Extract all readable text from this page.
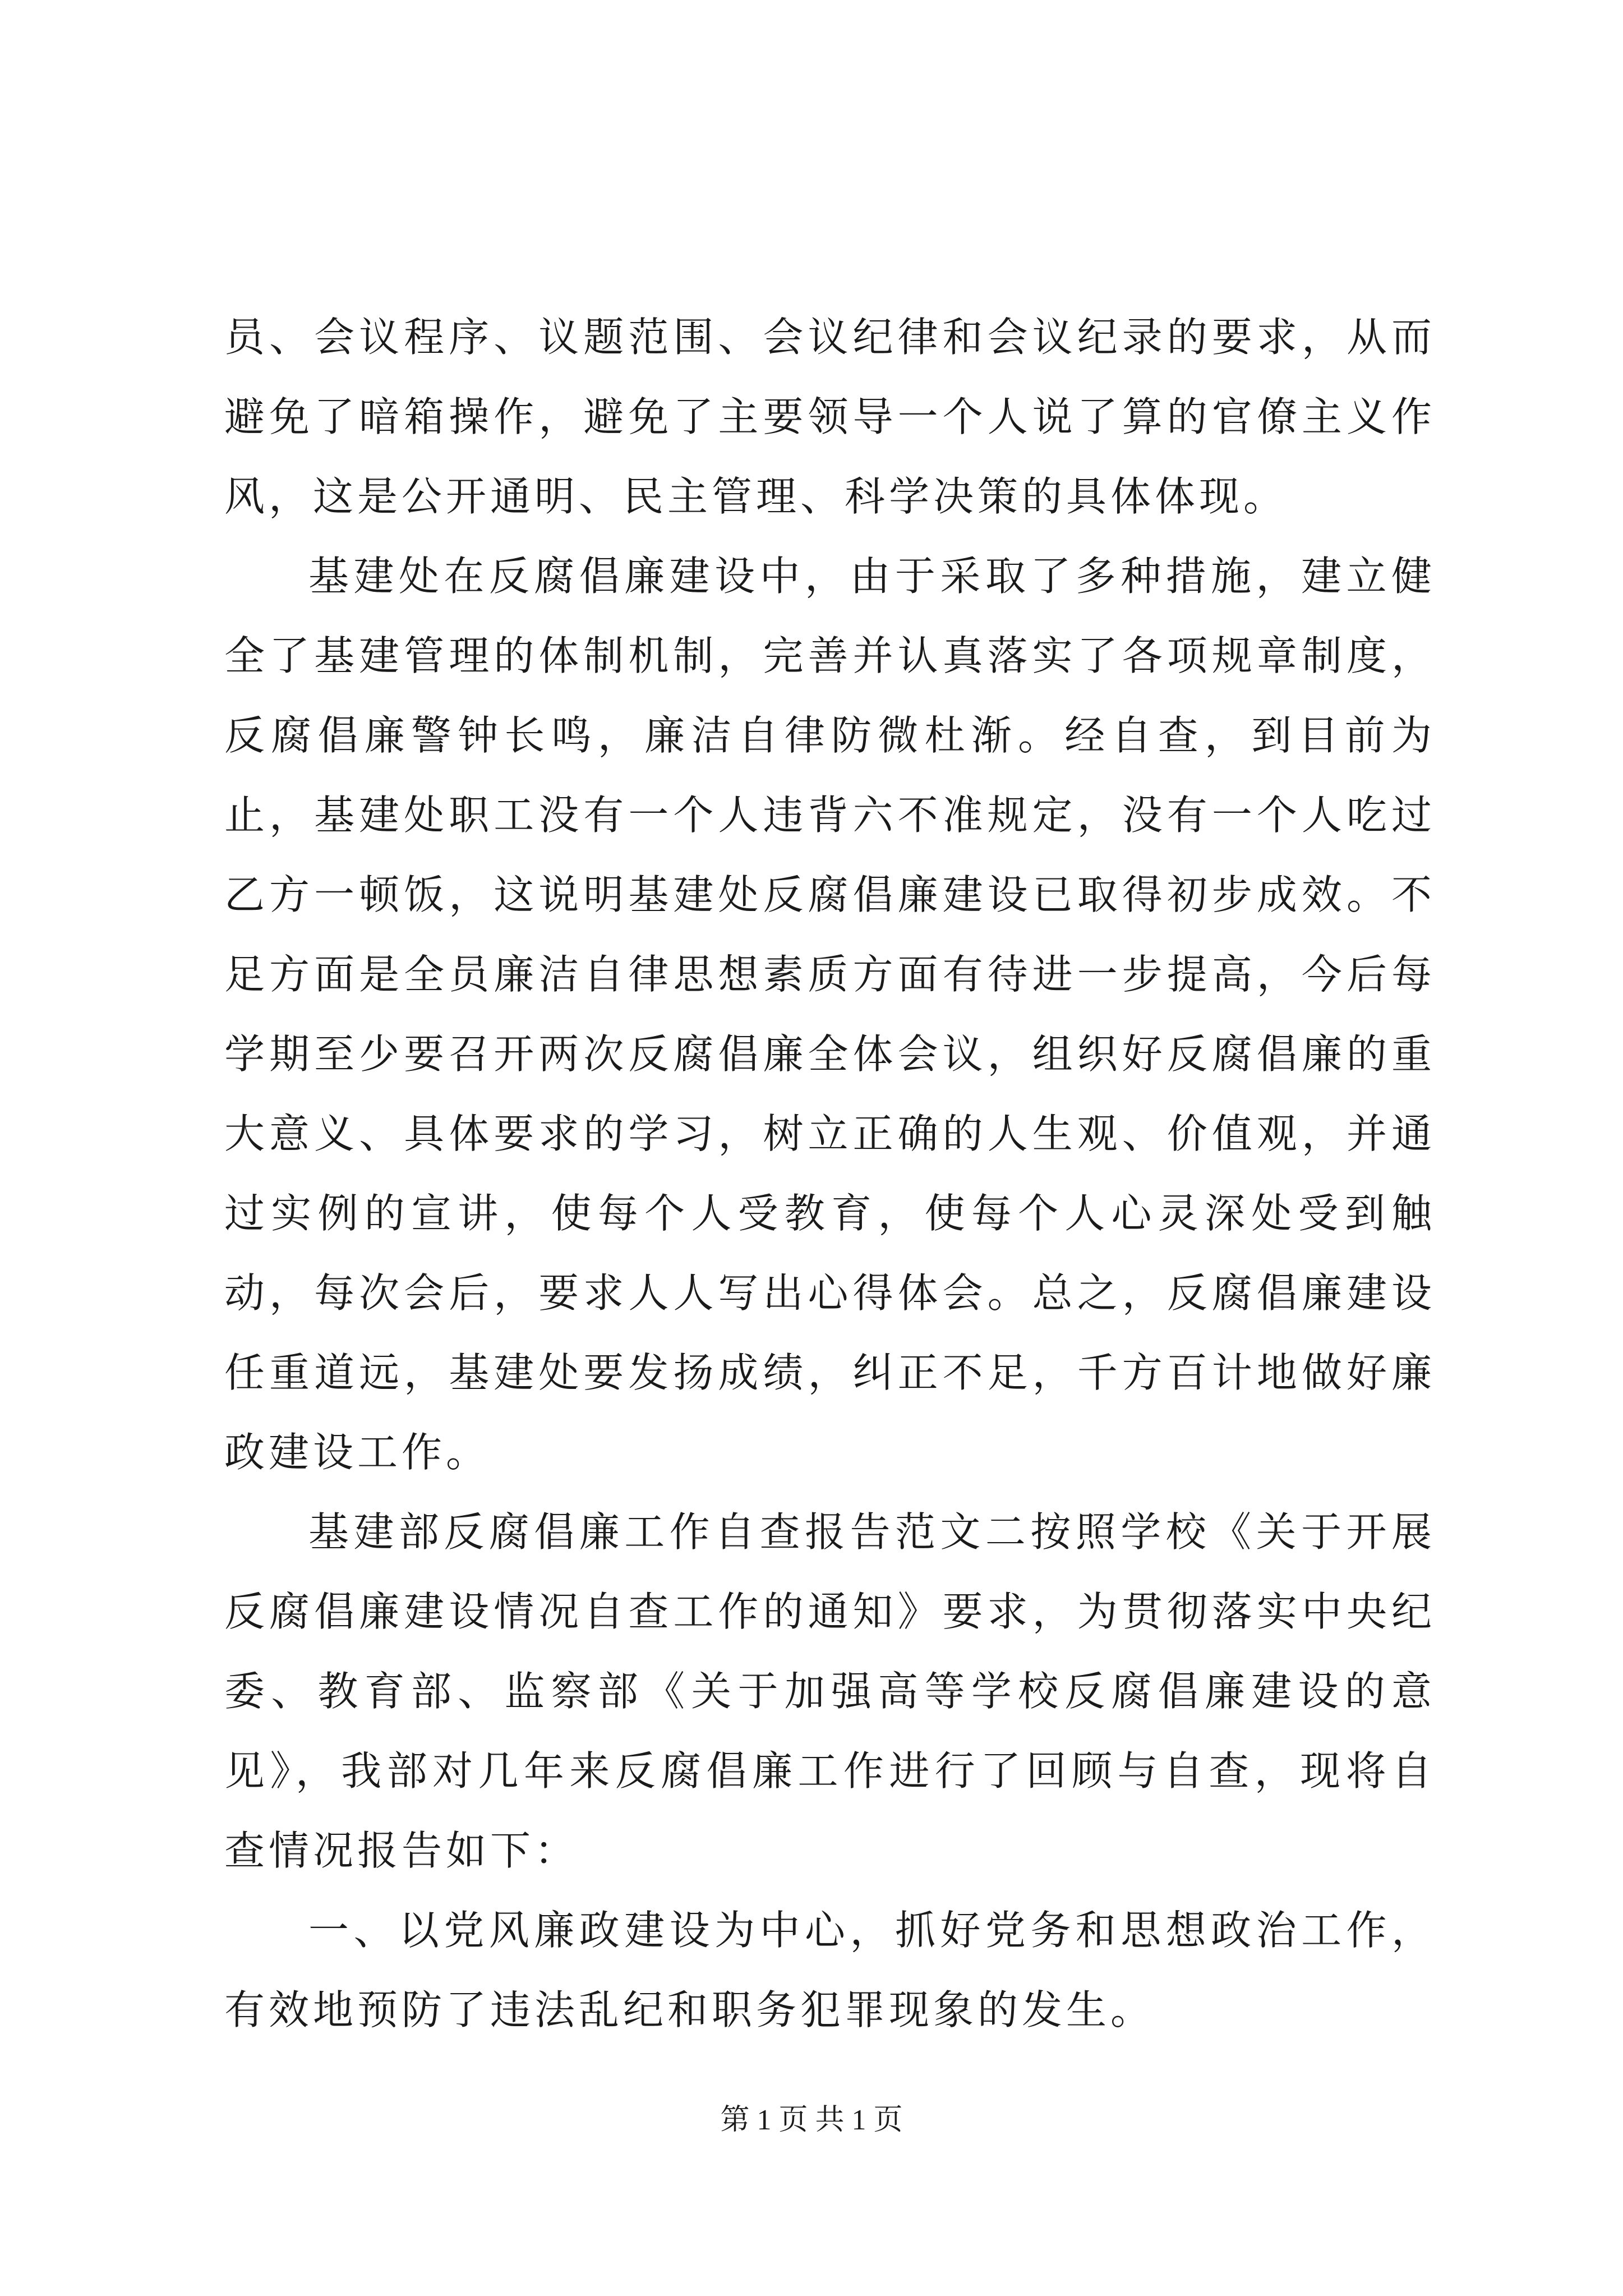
员、会议程序、议题范围、会议纪律和会议纪录的要求，从而避免了暗箱操作，避免了主要领导一个人说了算的官僚主义作风，这是公开通明、民主管理、科学决策的具体体现。

基建处在反腐倡廉建设中，由于采取了多种措施，建立健全了基建管理的体制机制，完善并认真落实了各项规章制度，反腐倡廉警钟长鸣，廉洁自律防微杜渐。经自查，到目前为止，基建处职工没有一个人违背六不准规定，没有一个人吃过乙方一顿饭，这说明基建处反腐倡廉建设已取得初步成效。不足方面是全员廉洁自律思想素质方面有待进一步提高，今后每学期至少要召开两次反腐倡廉全体会议，组织好反腐倡廉的重大意义、具体要求的学习，树立正确的人生观、价值观，并通过实例的宣讲，使每个人受教育，使每个人心灵深处受到触动，每次会后，要求人人写出心得体会。总之，反腐倡廉建设任重道远，基建处要发扬成绩，纠正不足，千方百计地做好廉政建设工作。

基建部反腐倡廉工作自查报告范文二按照学校《关于开展反腐倡廉建设情况自查工作的通知》要求，为贯彻落实中央纪委、教育部、监察部《关于加强高等学校反腐倡廉建设的意见》，我部对几年来反腐倡廉工作进行了回顾与自查，现将自查情况报告如下：

一、以党风廉政建设为中心，抓好党务和思想政治工作，有效地预防了违法乱纪和职务犯罪现象的发生。

第 1 页 共 1 页
